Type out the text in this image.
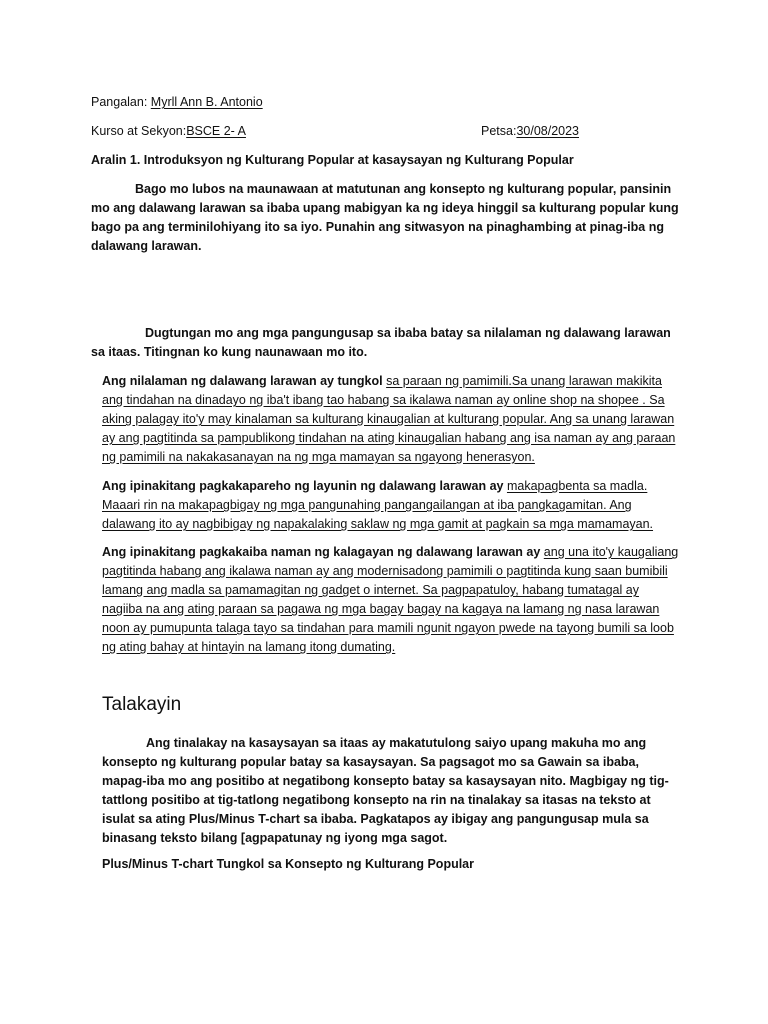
Pangalan: Myrll Ann B. Antonio
Kurso at Sekyon:BSCE 2- A	Petsa:30/08/2023
Aralin 1. Introduksyon ng Kulturang Popular at kasaysayan ng Kulturang Popular
Bago mo lubos na maunawaan at matutunan ang konsepto ng kulturang popular, pansinin mo ang dalawang larawan sa ibaba upang mabigyan ka ng ideya hinggil sa kulturang popular kung bago pa ang terminilohiyang ito sa iyo. Punahin ang sitwasyon na pinaghambing at pinag-iba ng dalawang larawan.
Dugtungan mo ang mga pangungusap sa ibaba batay sa nilalaman ng dalawang larawan sa itaas. Titingnan ko kung naunawaan mo ito.
Ang nilalaman ng dalawang larawan ay tungkol sa paraan ng pamimili.Sa unang larawan makikita ang tindahan na dinadayo ng iba't ibang tao habang sa ikalawa naman ay online shop na shopee . Sa aking palagay ito'y may kinalaman sa kulturang kinaugalian at kulturang popular. Ang sa unang larawan ay ang pagtitinda sa pampublikong tindahan na ating kinaugalian habang ang isa naman ay ang paraan ng pamimili na nakakasanayan na ng mga mamayan sa ngayong henerasyon.
Ang ipinakitang pagkakapareho ng layunin ng dalawang larawan ay makapagbenta sa madla. Maaari rin na makapagbigay ng mga pangunahing pangangailangan at iba pangkagamitan. Ang dalawang ito ay nagbibigay ng napakalaking saklaw ng mga gamit at pagkain sa mga mamamayan.
Ang ipinakitang pagkakaiba naman ng kalagayan ng dalawang larawan ay ang una ito'y kaugaliang pagtitinda habang ang ikalawa naman ay ang modernisadong pamimili o pagtitinda kung saan bumibili lamang ang madla sa pamamagitan ng gadget o internet. Sa pagpapatuloy, habang tumatagal ay nagiiba na ang ating paraan sa pagawa ng mga bagay bagay na kagaya na lamang ng nasa larawan noon ay pumupunta talaga tayo sa tindahan para mamili ngunit ngayon pwede na tayong bumili sa loob ng ating bahay at hintayin na lamang itong dumating.
Talakayin
Ang tinalakay na kasaysayan sa itaas ay makatutulong saiyo upang makuha mo ang konsepto ng kulturang popular batay sa kasaysayan. Sa pagsagot mo sa Gawain sa ibaba, mapag-iba mo ang positibo at negatibong konsepto batay sa kasaysayan nito. Magbigay ng tig-tattlong positibo at tig-tatlong negatibong konsepto na rin na tinalakay sa itasas na teksto at isulat sa ating Plus/Minus T-chart sa ibaba. Pagkatapos ay ibigay ang pangungusap mula sa binasang teksto bilang [agpapatunay ng iyong mga sagot.
Plus/Minus T-chart Tungkol sa Konsepto ng Kulturang Popular
